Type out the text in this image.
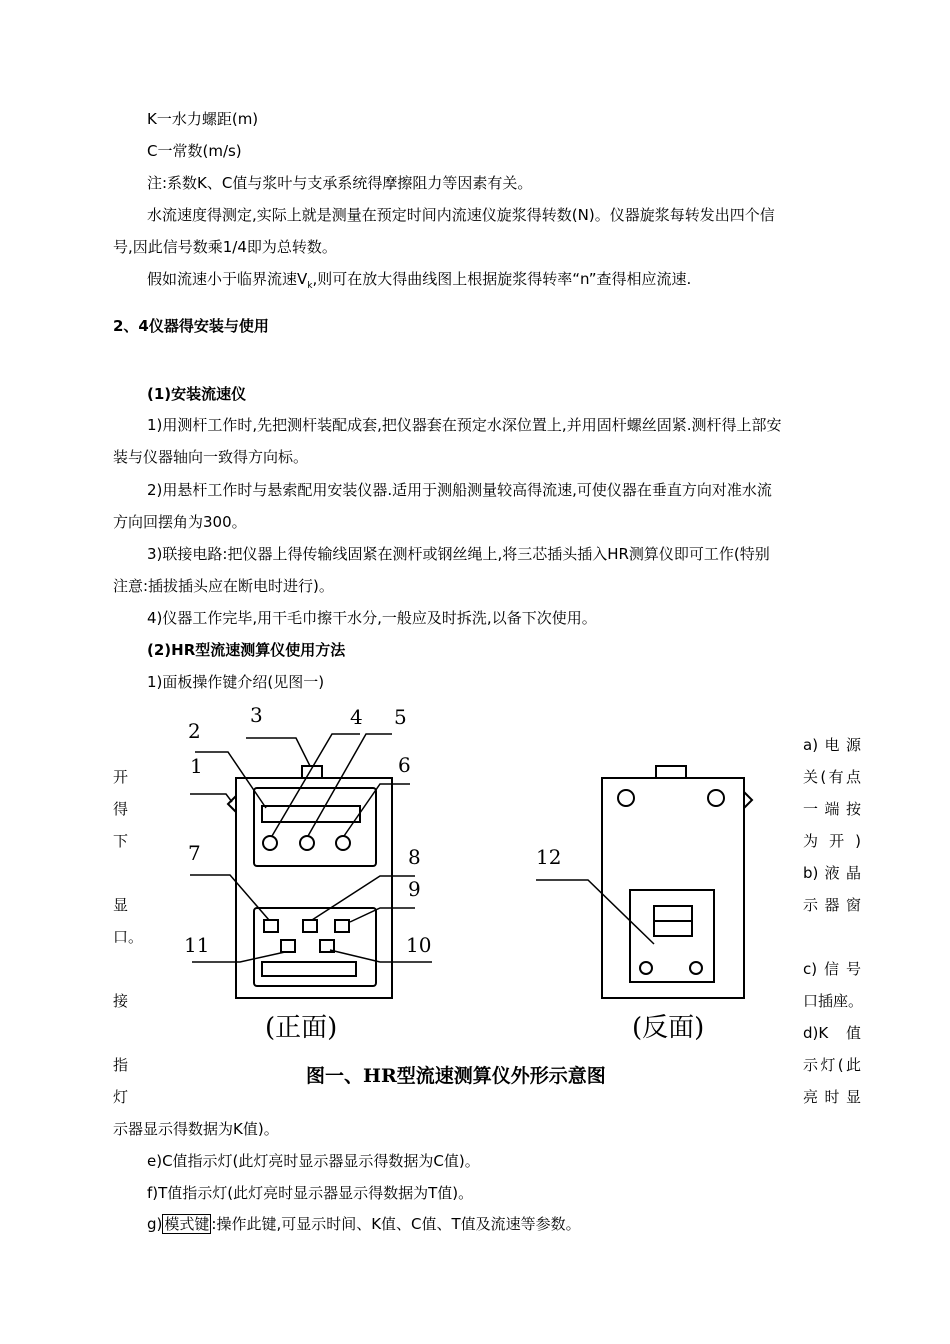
K一水力螺距(m)
C一常数(m/s)
注:系数K、C值与浆叶与支承系统得摩擦阻力等因素有关。
水流速度得测定,实际上就是测量在预定时间内流速仪旋浆得转数(N)。仪器旋浆每转发出四个信
号,因此信号数乘1/4即为总转数。
假如流速小于临界流速$V_k$,则可在放大得曲线图上根据旋浆得转率“n”查得相应流速.
2、4仪器得安装与使用
(1)安装流速仪
1)用测杆工作时,先把测杆装配成套,把仪器套在预定水深位置上,并用固杆螺丝固紧.测杆得上部安
装与仪器轴向一致得方向标。
2)用悬杆工作时与悬索配用安装仪器.适用于测船测量较高得流速,可使仪器在垂直方向对准水流
方向回摆角为300。
3)联接电路:把仪器上得传输线固紧在测杆或钢丝绳上,将三芯插头插入HR测算仪即可工作(特别
注意:插拔插头应在断电时进行)。
4)仪器工作完毕,用干毛巾擦干水分,一般应及时拆洗,以备下次使用。
(2)HR型流速测算仪使用方法
1)面板操作键介绍(见图一)
开
得
下
显
口。
接
指
灯
a)电源
关(有点
一端按
为开)
b)液晶
示器窗
c)信号
口插座。
d)K 值
示灯(此
亮时显
1
2
3	4 5
6
7	8
9
10
11
12
(正面)	(反面)
图一、HR型流速测算仪外形示意图
示器显示得数据为K值)。
e)C值指示灯(此灯亮时显示器显示得数据为C值)。
f)T值指示灯(此灯亮时显示器显示得数据为T值)。
g) 模式键 :操作此键,可显示时间、K值、C值、T值及流速等参数。
